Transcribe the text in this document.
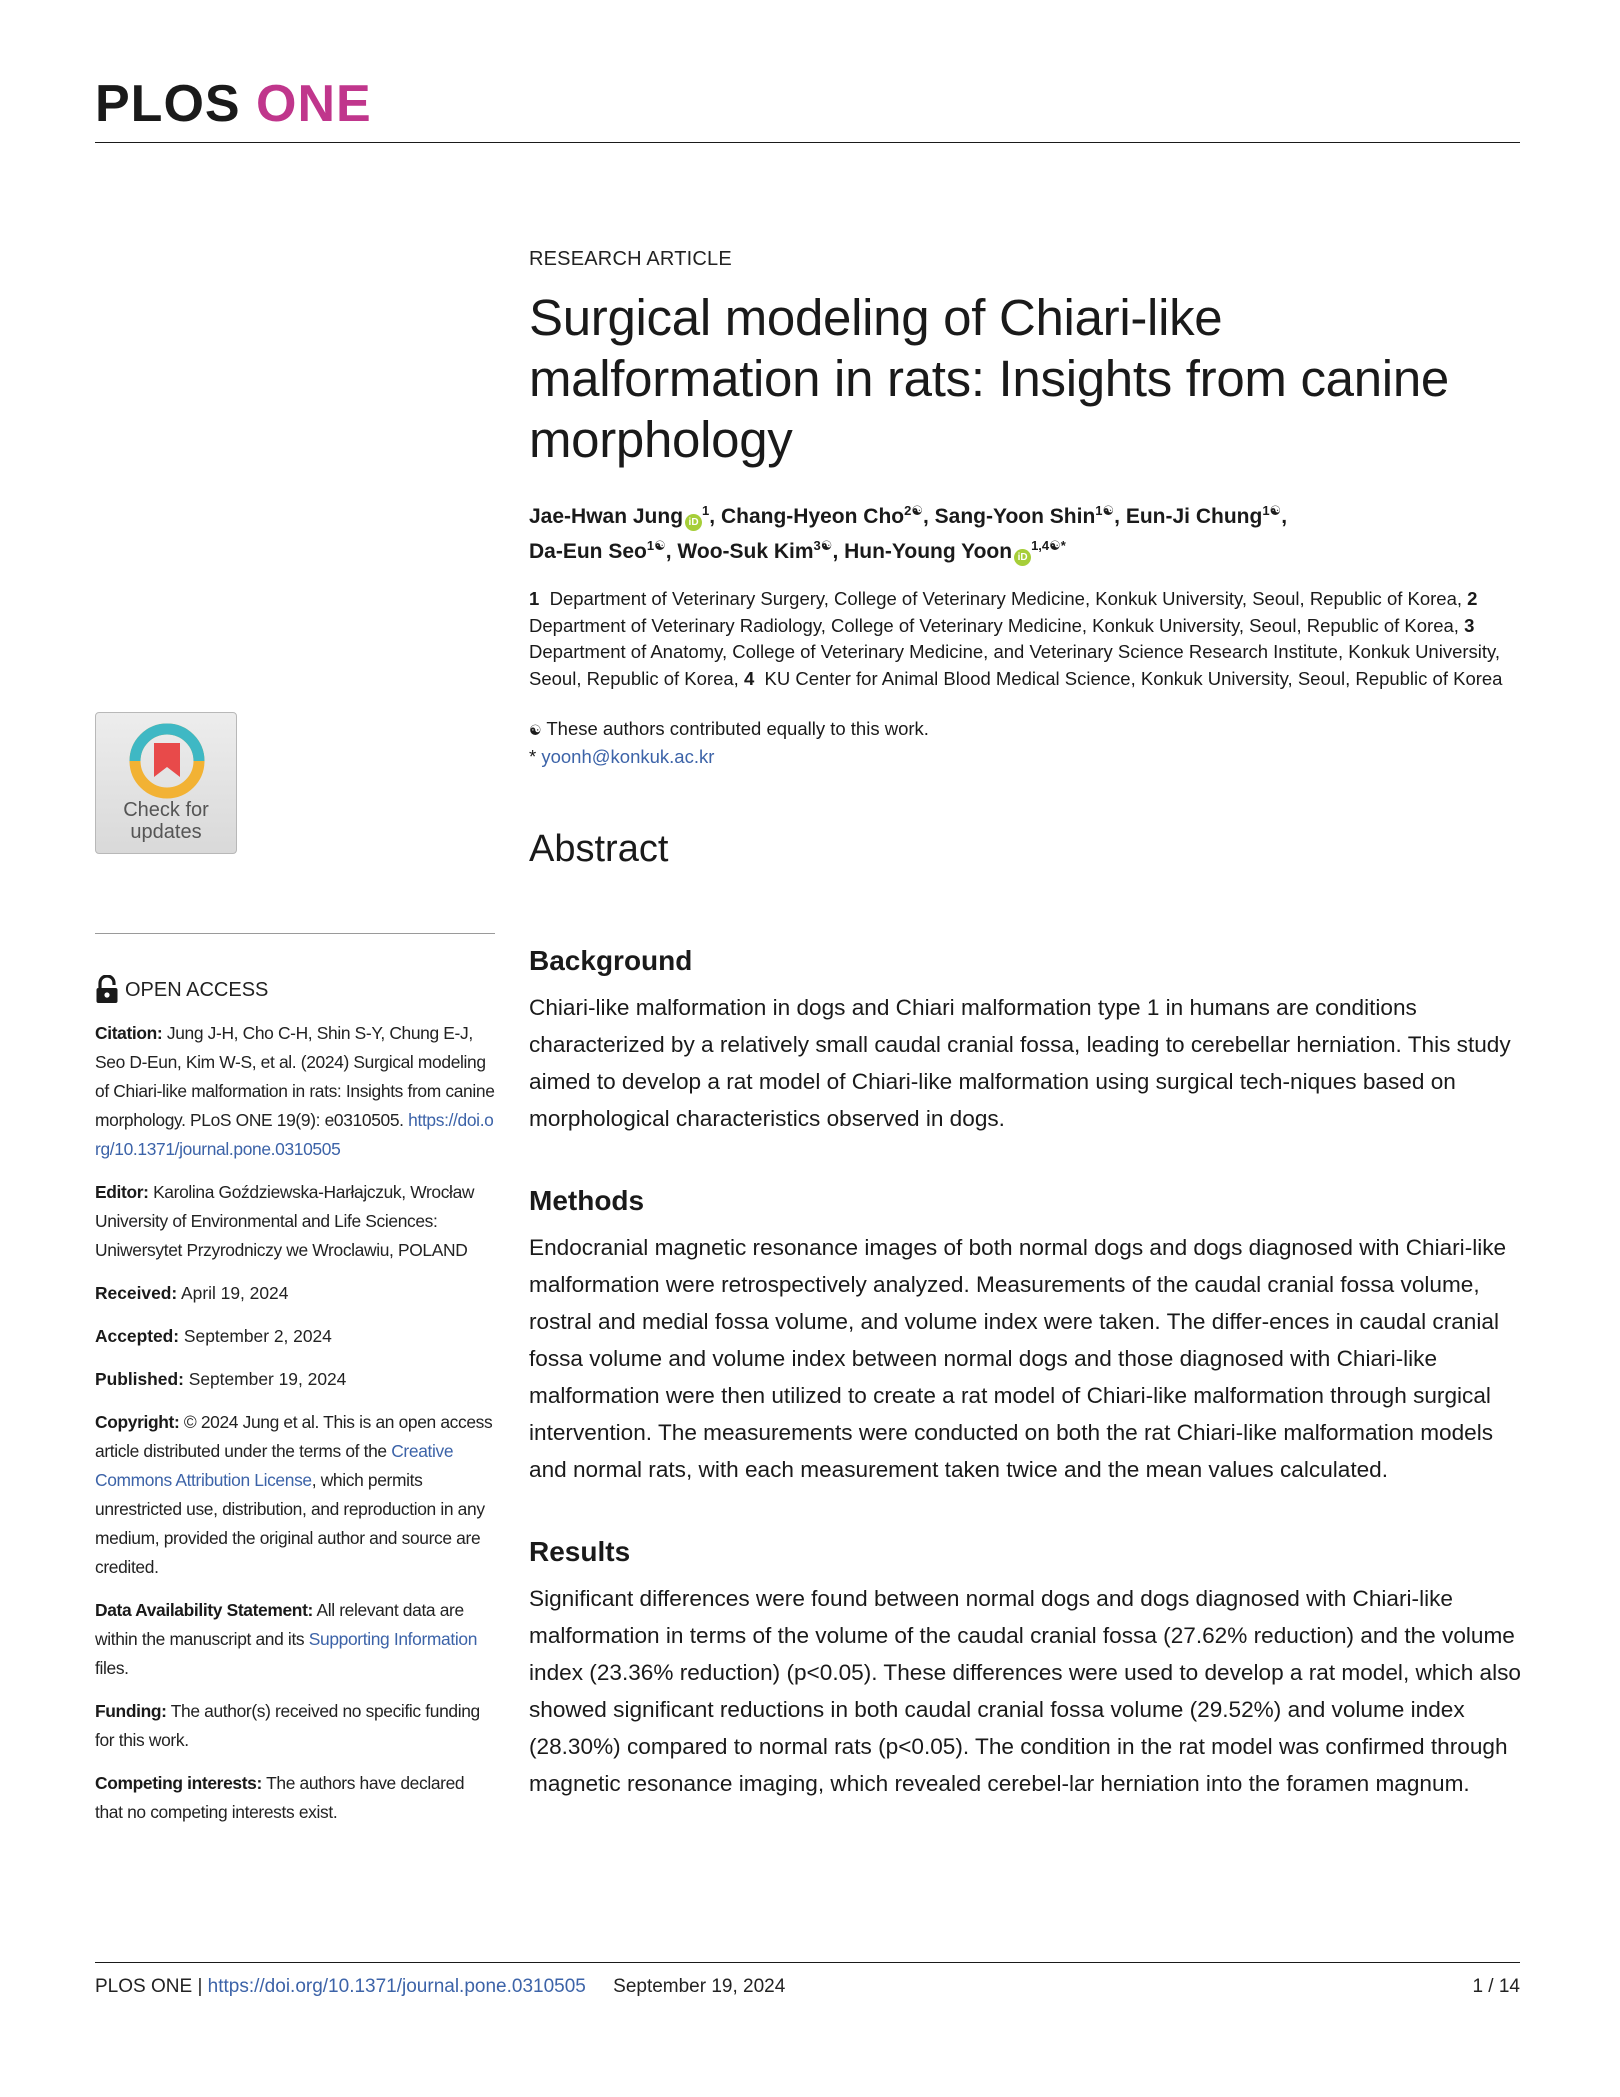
PLOS ONE
RESEARCH ARTICLE
Surgical modeling of Chiari-like malformation in rats: Insights from canine morphology
Jae-Hwan Jung $iD^1$, Chang-Hyeon Cho$^{2☯}$, Sang-Yoon Shin$^{1☯}$, Eun-Ji Chung$^{1☯}$,
Da-Eun Seo$^{1☯}$, Woo-Suk Kim$^{3☯}$, Hun-Young Yoon $iD^{1,4☯*}$
1 Department of Veterinary Surgery, College of Veterinary Medicine, Konkuk University, Seoul, Republic of Korea, 2  Department of Veterinary Radiology, College of Veterinary Medicine, Konkuk University, Seoul, Republic of Korea, 3  Department of Anatomy, College of Veterinary Medicine, and Veterinary Science Research Institute, Konkuk University, Seoul, Republic of Korea, 4 KU Center for Animal Blood Medical Science, Konkuk University, Seoul, Republic of Korea
☯ These authors contributed equally to this work.
* yoonh@konkuk.ac.kr
Abstract
Background
Chiari-like malformation in dogs and Chiari malformation type 1 in humans are conditions characterized by a relatively small caudal cranial fossa, leading to cerebellar herniation. This study aimed to develop a rat model of Chiari-like malformation using surgical tech-niques based on morphological characteristics observed in dogs.
Methods
Endocranial magnetic resonance images of both normal dogs and dogs diagnosed with Chiari-like malformation were retrospectively analyzed. Measurements of the caudal cranial fossa volume, rostral and medial fossa volume, and volume index were taken. The differ-ences in caudal cranial fossa volume and volume index between normal dogs and those diagnosed with Chiari-like malformation were then utilized to create a rat model of Chiari-like malformation through surgical intervention. The measurements were conducted on both the rat Chiari-like malformation models and normal rats, with each measurement taken twice and the mean values calculated.
Results
Significant differences were found between normal dogs and dogs diagnosed with Chiari-like malformation in terms of the volume of the caudal cranial fossa (27.62% reduction) and the volume index (23.36% reduction) (p<0.05). These differences were used to develop a rat model, which also showed significant reductions in both caudal cranial fossa volume (29.52%) and volume index (28.30%) compared to normal rats (p<0.05). The condition in the rat model was confirmed through magnetic resonance imaging, which revealed cerebel-lar herniation into the foramen magnum.
Check for
updates
OPEN ACCESS
Citation: Jung J-H, Cho C-H, Shin S-Y, Chung E-J, Seo D-Eun, Kim W-S, et al. (2024) Surgical modeling of Chiari-like malformation in rats: Insights from canine morphology. PLoS ONE 19(9): e0310505. https://doi.org/10.1371/journal.pone.0310505
Editor: Karolina Goździewska-Harłajczuk, Wrocław University of Environmental and Life Sciences: Uniwersytet Przyrodniczy we Wroclawiu, POLAND
Received: April 19, 2024
Accepted: September 2, 2024
Published: September 19, 2024
Copyright: © 2024 Jung et al. This is an open access article distributed under the terms of the Creative Commons Attribution License, which permits unrestricted use, distribution, and reproduction in any medium, provided the original author and source are credited.
Data Availability Statement: All relevant data are within the manuscript and its Supporting Information files.
Funding: The author(s) received no specific funding for this work.
Competing interests: The authors have declared that no competing interests exist.
PLOS ONE | https://doi.org/10.1371/journal.pone.0310505 September 19, 2024	1 / 14
